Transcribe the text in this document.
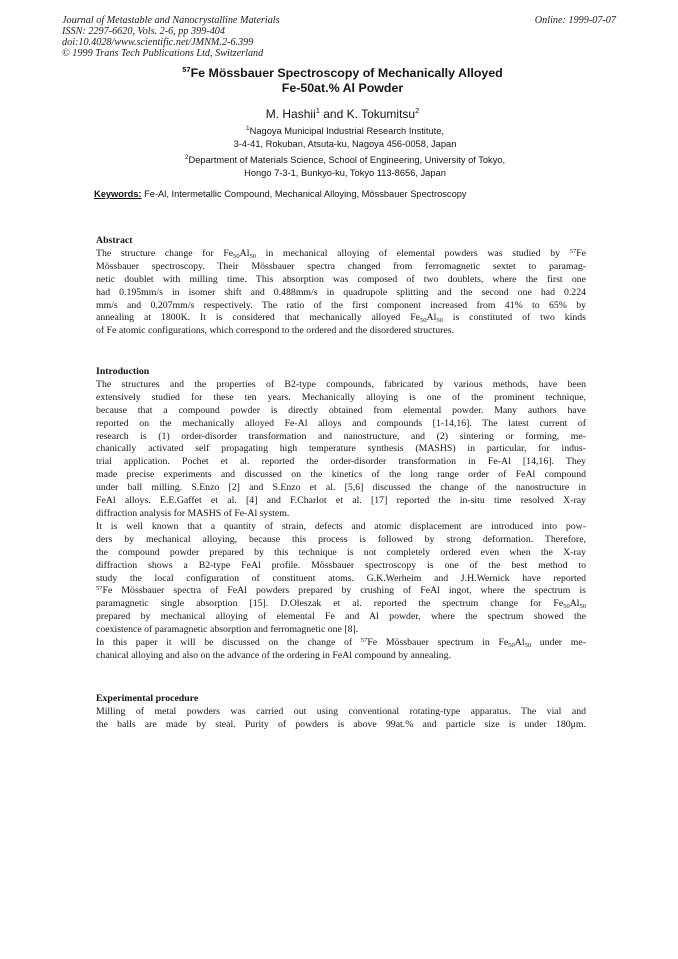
Journal of Metastable and Nanocrystalline Materials
ISSN: 2297-6620, Vols. 2-6, pp 399-404
doi:10.4028/www.scientific.net/JMNM.2-6.399
© 1999 Trans Tech Publications Ltd, Switzerland
Online: 1999-07-07
$^{57}$Fe Mössbauer Spectroscopy of Mechanically Alloyed
Fe-50at.% Al Powder
M. Hashii$^1$ and K. Tokumitsu$^2$
$^1$Nagoya Municipal Industrial Research Institute,
3-4-41, Rokuban, Atsuta-ku, Nagoya 456-0058, Japan
$^2$Department of Materials Science, School of Engineering, University of Tokyo,
Hongo 7-3-1, Bunkyo-ku, Tokyo 113-8656, Japan
Keywords: Fe-Al, Intermetallic Compound, Mechanical Alloying, Mössbauer Spectroscopy
Abstract
The structure change for $Fe_{50}Al_{50}$ in mechanical alloying of elemental powders was studied by $^{57}$Fe
Mössbauer spectroscopy. Their Mössbauer spectra changed from ferromagnetic sextet to paramag-
netic doublet with milling time. This absorption was composed of two doublets, where the first one
had 0.195mm/s in isomer shift and 0.488mm/s in quadrupole splitting and the second one had 0.224
mm/s and 0.207mm/s respectively. The ratio of the first component increased from 41% to 65% by
annealing at 1800K. It is considered that mechanically alloyed $Fe_{50}Al_{50}$ is constituted of two kinds
of Fe atomic configurations, which correspond to the ordered and the disordered structures.
Introduction
The structures and the properties of B2-type compounds, fabricated by various methods, have been
extensively studied for these ten years. Mechanically alloying is one of the prominent technique,
because that a compound powder is directly obtained from elemental powder. Many authors have
reported on the mechanically alloyed Fe-Al alloys and compounds [1-14,16]. The latest current of
research is (1) order-disorder transformation and nanostructure, and (2) sintering or forming, me-
chanically activated self propagating high temperature synthesis (MASHS) in particular, for indus-
trial application. Pochet et al. reported the order-disorder transformation in Fe-Al [14,16]. They
made precise experiments and discussed on the kinetics of the long range order of FeAl compound
under ball milling. S.Enzo [2] and S.Enzo et al. [5,6] discussed the change of the nanostructure in
FeAl alloys. E.E.Gaffet et al. [4] and F.Charlot et al. [17] reported the in-situ time resolved X-ray
diffraction analysis for MASHS of Fe-Al system.
It is well known that a quantity of strain, defects and atomic displacement are introduced into pow-
ders by mechanical alloying, because this process is followed by strong deformation. Therefore,
the compound powder prepared by this technique is not completely ordered even when the X-ray
diffraction shows a B2-type FeAl profile. Mössbauer spectroscopy is one of the best method to
study the local configuration of constituent atoms. G.K.Werheim and J.H.Wernick have reported
$^{57}$Fe Mössbauer spectra of FeAl powders prepared by crushing of FeAl ingot, where the spectrum is
paramagnetic single absorption [15]. D.Oleszak et al. reported the spectrum change for $Fe_{50}Al_{50}$
prepared by mechanical alloying of elemental Fe and Al powder, where the spectrum showed the
coexistence of paramagnetic absorption and ferromagnetic one [8].
In this paper it will be discussed on the change of $^{57}$Fe Mössbauer spectrum in $Fe_{50}Al_{50}$ under me-
chanical alloying and also on the advance of the ordering in FeAl compound by annealing.
Experimental procedure
Milling of metal powders was carried out using conventional rotating-type apparatus. The vial and
the balls are made by steal. Purity of powders is above 99at.% and particle size is under 180μm.
